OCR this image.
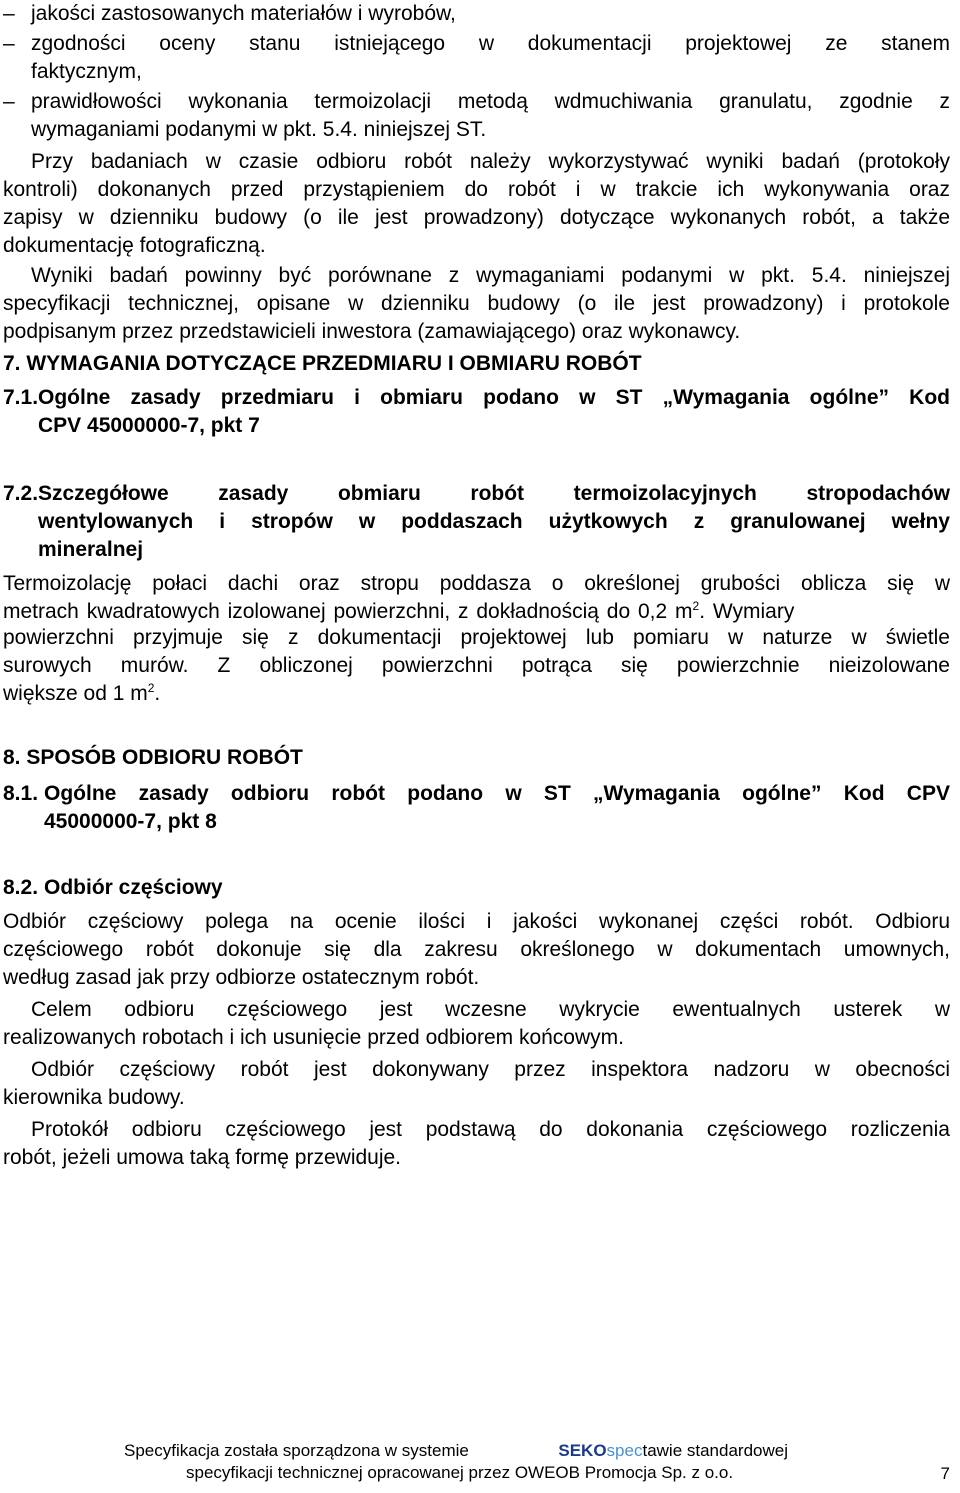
– jakości zastosowanych materiałów i wyrobów,
– zgodności oceny stanu istniejącego w dokumentacji projektowej ze stanem
faktycznym,
– prawidłowości wykonania termoizolacji metodą wdmuchiwania granulatu, zgodnie z
wymaganiami podanymi w pkt. 5.4. niniejszej ST.
Przy badaniach w czasie odbioru robót należy wykorzystywać wyniki badań (protokoły
kontroli) dokonanych przed przystąpieniem do robót i w trakcie ich wykonywania oraz
zapisy w dzienniku budowy (o ile jest prowadzony) dotyczące wykonanych robót, a także
dokumentację fotograficzną.
Wyniki badań powinny być porównane z wymaganiami podanymi w pkt. 5.4. niniejszej
specyfikacji technicznej, opisane w dzienniku budowy (o ile jest prowadzony) i protokole
podpisanym przez przedstawicieli inwestora (zamawiającego) oraz wykonawcy.
7. WYMAGANIA DOTYCZĄCE PRZEDMIARU I OBMIARU ROBÓT
7.1. Ogólne zasady przedmiaru i obmiaru podano w ST „Wymagania ogólne” Kod
CPV 45000000-7, pkt 7
7.2. Szczegółowe zasady obmiaru robót termoizolacyjnych stropodachów
wentylowanych i stropów w poddaszach użytkowych z granulowanej wełny
mineralnej
Termoizolację połaci dachi oraz stropu poddasza o określonej grubości oblicza się w
metrach kwadratowych izolowanej powierzchni, z dokładnością do 0,2 $m^2$. Wymiary
powierzchni przyjmuje się z dokumentacji projektowej lub pomiaru w naturze w świetle
surowych murów. Z obliczonej powierzchni potrąca się powierzchnie nieizolowane
większe od 1 $m^2$.
8. SPOSÓB ODBIORU ROBÓT
8.1. Ogólne zasady odbioru robót podano w ST „Wymagania ogólne” Kod CPV
45000000-7, pkt 8
8.2. Odbiór częściowy
Odbiór częściowy polega na ocenie ilości i jakości wykonanej części robót. Odbioru
częściowego robót dokonuje się dla zakresu określonego w dokumentach umownych,
według zasad jak przy odbiorze ostatecznym robót.
Celem odbioru częściowego jest wczesne wykrycie ewentualnych usterek w
realizowanych robotach i ich usunięcie przed odbiorem końcowym.
Odbiór częściowy robót jest dokonywany przez inspektora nadzoru w obecności
kierownika budowy.
Protokół odbioru częściowego jest podstawą do dokonania częściowego rozliczenia
robót, jeżeli umowa taką formę przewiduje.
Specyfikacja została sporządzona w systemie	SEKOspectawie standardowej
specyfikacji technicznej opracowanej przez OWEOB Promocja Sp. z o.o.	7
